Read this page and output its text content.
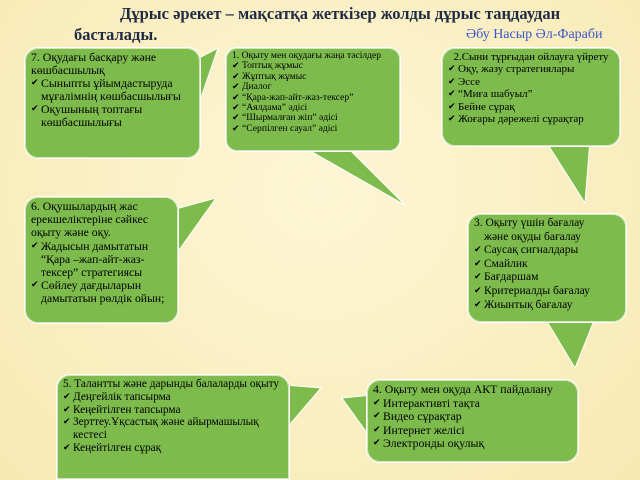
Дұрыс әрекет – мақсатқа жеткізер жолды дұрыс таңдаудан
басталады.	Әбу Насыр Әл-Фараби
1. Оқыту мен оқудағы жаңа тәсілдер
✔ Топтық жұмыс
✔ Жұптық жұмыс
✔ Диалог
✔ “Қара-жап-айт-жаз-тексер”
✔ “Аялдама” әдісі
✔ “Шырмалған жіп” әдісі
✔ “Серпілген сауал” әдісі
2.Сыни тұрғыдан ойлауға үйрету
✔ Оқу, жазу стратегиялары
✔ Эссе
✔ “Миға шабуыл”
✔ Бейне сұрақ
✔ Жоғары дәрежелі сұрақтар
3. Оқыту үшін бағалау
және оқуды бағалау
✔ Саусақ сигналдары
✔ Смайлик
✔ Бағдаршам
✔ Критериалды бағалау
✔ Жиынтық бағалау
4. Оқыту мен оқуда АКТ пайдалану
✔ Интерактивті тақта
✔ Видео сұрақтар
✔ Интернет желісі
✔ Электронды оқулық
5. Талантты және дарынды балаларды оқыту
✔ Деңгейлік тапсырма
✔ Кеңейтілген тапсырма
✔ Зерттеу.Ұқсастық және айырмашылық кестесі
✔ Кеңейтілген сұрақ
6. Оқушылардың жас ерекшеліктеріне сәйкес оқыту және оқу.
✔ Жадысын дамытатын “Қара –жап-айт-жаз-тексер” стратегиясы
✔ Сөйлеу дағдыларын дамытатын рөлдік ойын;
7. Оқудағы басқару және көшбасшылық
✔ Сыныпты ұйымдастыруда мұғалімнің көшбасшылығы
✔ Оқушының топтағы көшбасшылығы
